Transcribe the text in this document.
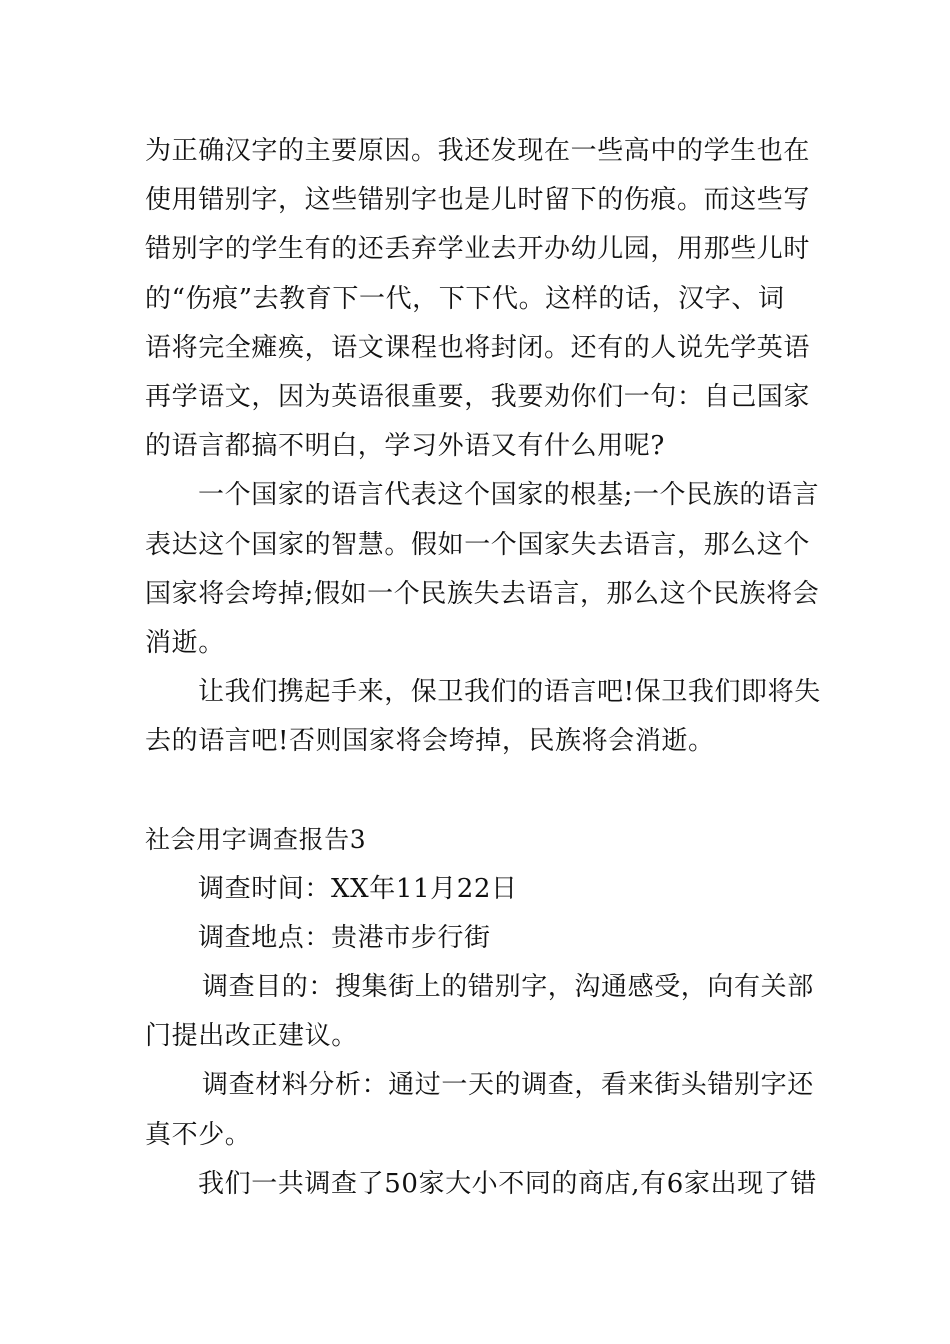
为正确汉字的主要原因。我还发现在一些高中的学生也在
使用错别字，这些错别字也是儿时留下的伤痕。而这些写
错别字的学生有的还丢弃学业去开办幼儿园，用那些儿时
的“伤痕”去教育下一代，下下代。这样的话，汉字、词
语将完全瘫痪，语文课程也将封闭。还有的人说先学英语
再学语文，因为英语很重要，我要劝你们一句：自己国家
的语言都搞不明白，学习外语又有什么用呢?
一个国家的语言代表这个国家的根基;一个民族的语言
表达这个国家的智慧。假如一个国家失去语言，那么这个
国家将会垮掉;假如一个民族失去语言，那么这个民族将会
消逝。
让我们携起手来，保卫我们的语言吧!保卫我们即将失
去的语言吧!否则国家将会垮掉，民族将会消逝。
社会用字调查报告3
调查时间：XX年11月22日
调查地点：贵港市步行街
调查目的：搜集街上的错别字，沟通感受，向有关部
门提出改正建议。
调查材料分析：通过一天的调查，看来街头错别字还
真不少。
我们一共调查了50家大小不同的商店,有6家出现了错
